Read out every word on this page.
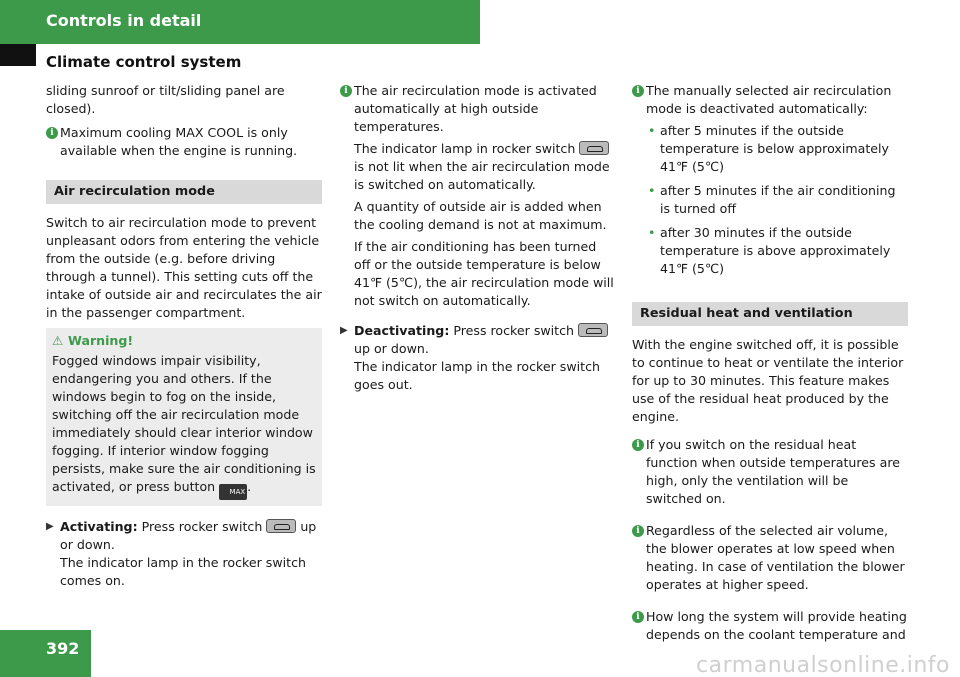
Controls in detail
Climate control system

sliding sunroof or tilt/sliding panel are closed).

i Maximum cooling MAX COOL is only available when the engine is running.

Air recirculation mode

Switch to air recirculation mode to prevent unpleasant odors from entering the vehicle from the outside (e.g. before driving through a tunnel). This setting cuts off the intake of outside air and recirculates the air in the passenger compartment.

⚠ Warning!
Fogged windows impair visibility, endangering you and others. If the windows begin to fog on the inside, switching off the air recirculation mode immediately should clear interior window fogging. If interior window fogging persists, make sure the air conditioning is activated, or press button MAX .
▶ Activating: Press rocker switch	up or down.
The indicator lamp in the rocker switch comes on.
i The air recirculation mode is activated automatically at high outside temperatures.

The indicator lamp in rocker switch  is not lit when the air recirculation mode is switched on automatically.

A quantity of outside air is added when the cooling demand is not at maximum.

If the air conditioning has been turned off or the outside temperature is below 41℉ (5℃), the air recirculation mode will not switch on automatically.

▶ Deactivating: Press rocker switch  up or down.
The indicator lamp in the rocker switch goes out.
i The manually selected air recirculation mode is deactivated automatically:

• after 5 minutes if the outside temperature is below approximately 41℉ (5℃)
• after 5 minutes if the air conditioning is turned off
• after 30 minutes if the outside temperature is above approximately 41℉ (5℃)
Residual heat and ventilation

With the engine switched off, it is possible to continue to heat or ventilate the interior for up to 30 minutes. This feature makes use of the residual heat produced by the engine.

i If you switch on the residual heat function when outside temperatures are high, only the ventilation will be switched on.

i Regardless of the selected air volume, the blower operates at low speed when heating. In case of ventilation the blower operates at higher speed.

i How long the system will provide heating depends on the coolant temperature and

392
carmanualsonline.info
